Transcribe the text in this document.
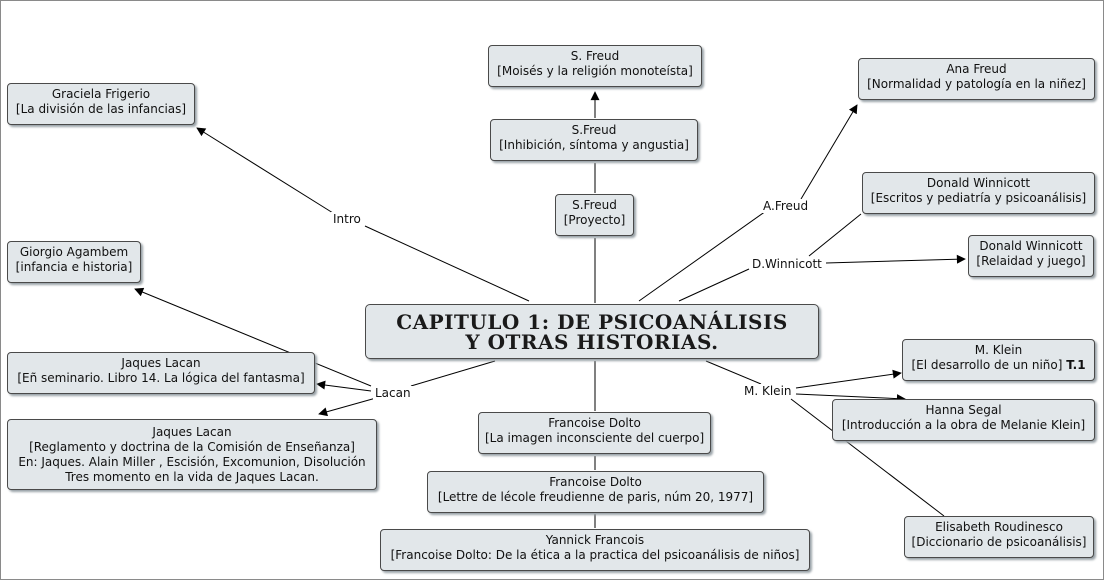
Intro
A.Freud
D.Winnicott
Lacan	M. Klein
CAPITULO 1: DE PSICOANÁLISIS
Y OTRAS HISTORIAS.
S. Freud
[Moisés y la religión monoteísta]
S.Freud
[Inhibición, síntoma y angustia]
S.Freud
[Proyecto]
Ana Freud
[Normalidad y patología en la niñez]
Donald Winnicott
[Escritos y pediatría y psicoanálisis]
Donald Winnicott
[Relaidad y juego]
Graciela Frigerio
[La división de las infancias]
Giorgio Agambem
[infancia e historia]
Jaques Lacan
[Eñ seminario. Libro 14. La lógica del fantasma]
Jaques Lacan
[Reglamento y doctrina de la Comisión de Enseñanza]
En: Jaques. Alain Miller , Escisión, Excomunion, Disolución
Tres momento en la vida de Jaques Lacan.
M. Klein
[El desarrollo de un niño] T.1
Hanna Segal
[Introducción a la obra de Melanie Klein]
Elisabeth Roudinesco
[Diccionario de psicoanálisis]
Francoise Dolto
[La imagen inconsciente del cuerpo]
Francoise Dolto
[Lettre de lécole freudienne de paris, núm 20, 1977]
Yannick Francois
[Francoise Dolto: De la ética a la practica del psicoanálisis de niños]
